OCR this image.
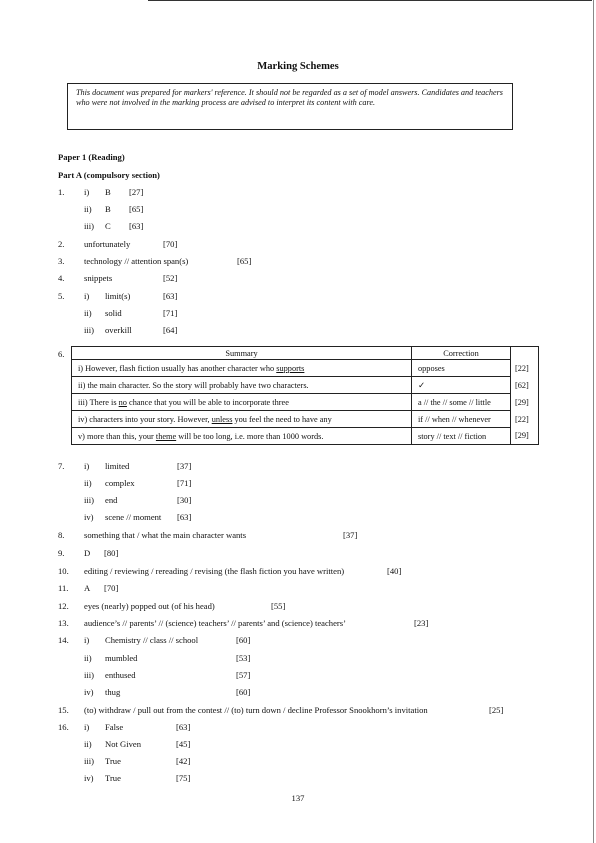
Marking Schemes
This document was prepared for markers' reference. It should not be regarded as a set of model answers. Candidates and teachers who were not involved in the marking process are advised to interpret its content with care.
Paper 1 (Reading)
Part A (compulsory section)
1. i) B [27]
ii) B [65]
iii) C [63]
2. unfortunately	[70]
3. technology // attention span(s)	[65]
4. snippets	[52]
5. i) limit(s)	[63]
ii) solid	[71]
iii) overkill	[64]
6.	Summary	Correction	
i) However, flash fiction usually has another character who supports	opposes	[22]
ii) the main character. So the story will probably have two characters.	✓	[62]
iii) There is no chance that you will be able to incorporate three	a // the // some // little	[29]
iv) characters into your story. However, unless you feel the need to have any	if // when // whenever	[22]
v) more than this, your theme will be too long, i.e. more than 1000 words.	story // text // fiction	[29]
7. i) limited	[37]
ii) complex	[71]
iii) end	[30]
iv) scene // moment [63]
8. something that / what the main character wants	[37]
9. D [80]
10. editing / reviewing / rereading / revising (the flash fiction you have written)	[40]
11. A [70]
12. eyes (nearly) popped out (of his head)	[55]
13. audience’s // parents’ // (science) teachers’ // parents’ and (science) teachers’	[23]
14. i) Chemistry // class // school	[60]
ii) mumbled	[53]
iii) enthused	[57]
iv) thug	[60]
15. (to) withdraw / pull out from the contest // (to) turn down / decline Professor Snookhorn’s invitation	[25]
16. i) False	[63]
ii) Not Given	[45]
iii) True	[42]
iv) True	[75]
137
